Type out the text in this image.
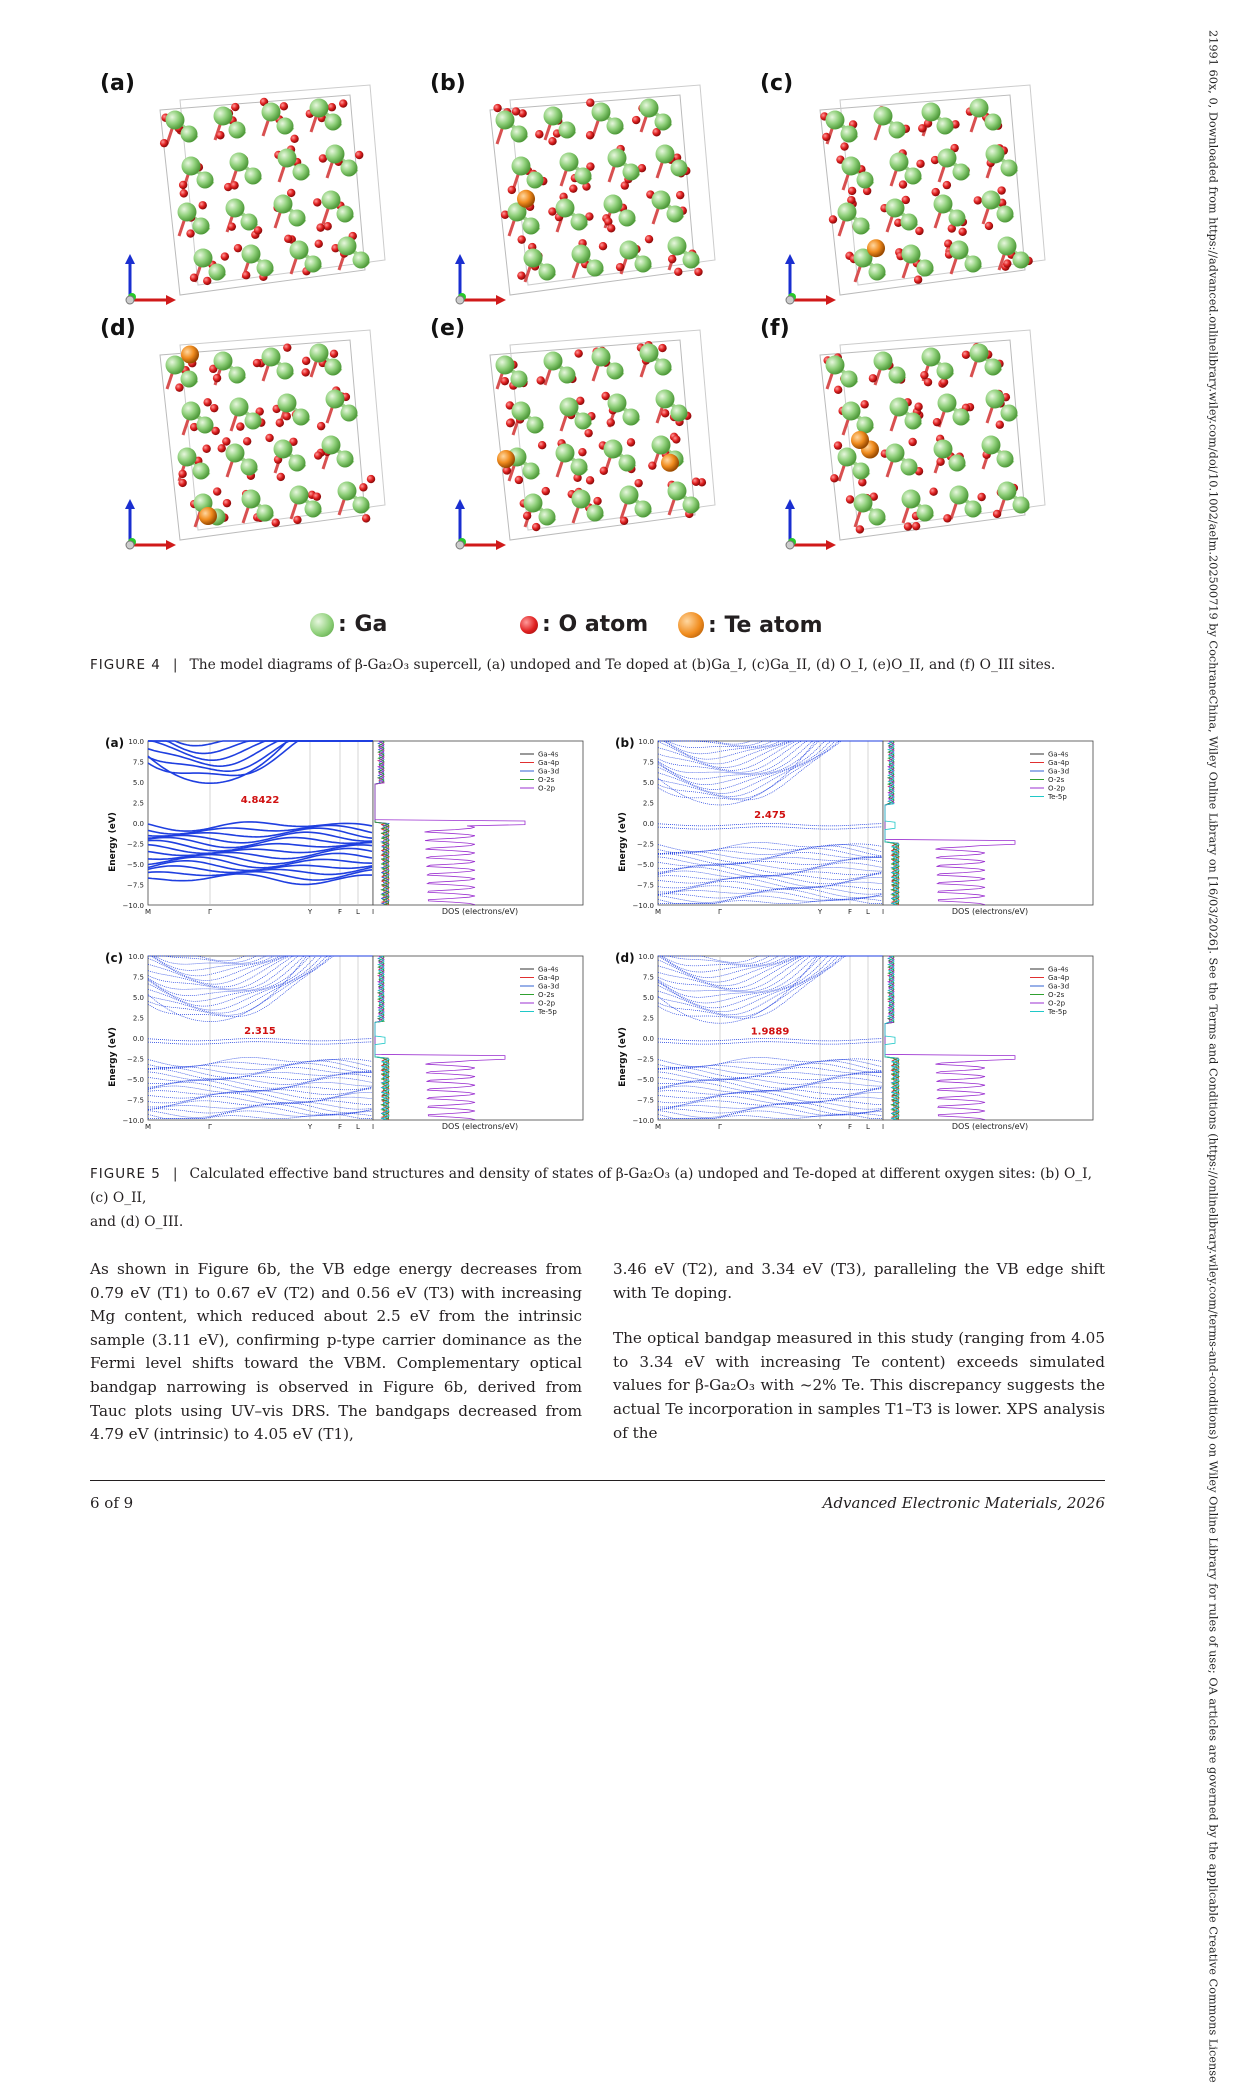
21991 60x, 0, Downloaded from https://advanced.onlinelibrary.wiley.com/doi/10.1002/aelm.202500719 by CochraneChina, Wiley Online Library on [16/03/2026]. See the Terms and Conditions (https://onlinelibrary.wiley.com/terms-and-conditions) on Wiley Online Library for rules of use; OA articles are governed by the applicable Creative Commons License
(a)	(b)	(c)
(d)	(e)	(f)
: Ga	: O atom	: Te atom
FIGURE 4 | The model diagrams of β-Ga₂O₃ supercell, (a) undoped and Te doped at (b)Ga_I, (c)Ga_II, (d) O_I, (e)O_II, and (f) O_III sites.
(a)
Energy (eV)
10.0
7.5
5.0
2.5
0.0
−2.5
−5.0
−7.5
−10.0
M	Γ	Y	F L I
4.8422
DOS (electrons/eV)
Ga-4s
Ga-4p
Ga-3d
O-2s
O-2p
(b)
Energy (eV)
10.0
7.5
5.0
2.5
0.0
−2.5
−5.0
−7.5
−10.0
M	Γ	Y	F L I
2.475
DOS (electrons/eV)
Ga-4s
Ga-4p
Ga-3d
O-2s
O-2p
Te-5p
(c)
Energy (eV)
10.0
7.5
5.0
2.5
0.0
−2.5
−5.0
−7.5
−10.0
M	Γ	Y	F L I
2.315
DOS (electrons/eV)
Ga-4s
Ga-4p
Ga-3d
O-2s
O-2p
Te-5p
(d)
Energy (eV)
10.0
7.5
5.0
2.5
0.0
−2.5
−5.0
−7.5
−10.0
M	Γ	Y	F L I
1.9889
DOS (electrons/eV)
Ga-4s
Ga-4p
Ga-3d
O-2s
O-2p
Te-5p
FIGURE 5 | Calculated effective band structures and density of states of β-Ga₂O₃ (a) undoped and Te-doped at different oxygen sites: (b) O_I, (c) O_II,
and (d) O_III.

As shown in Figure 6b, the VB edge energy decreases from 0.79 eV (T1) to 0.67 eV (T2) and 0.56 eV (T3) with increasing Mg content, which reduced about 2.5 eV from the intrinsic sample (3.11 eV), confirming p-type carrier dominance as the Fermi level shifts toward the VBM. Complementary optical bandgap narrowing is observed in Figure 6b, derived from Tauc plots using UV–vis DRS. The bandgaps decreased from 4.79 eV (intrinsic) to 4.05 eV (T1),

3.46 eV (T2), and 3.34 eV (T3), paralleling the VB edge shift with Te doping.

The optical bandgap measured in this study (ranging from 4.05 to 3.34 eV with increasing Te content) exceeds simulated values for β-Ga₂O₃ with ~2% Te. This discrepancy suggests the actual Te incorporation in samples T1–T3 is lower. XPS analysis of the

6 of 9	Advanced Electronic Materials, 2026
